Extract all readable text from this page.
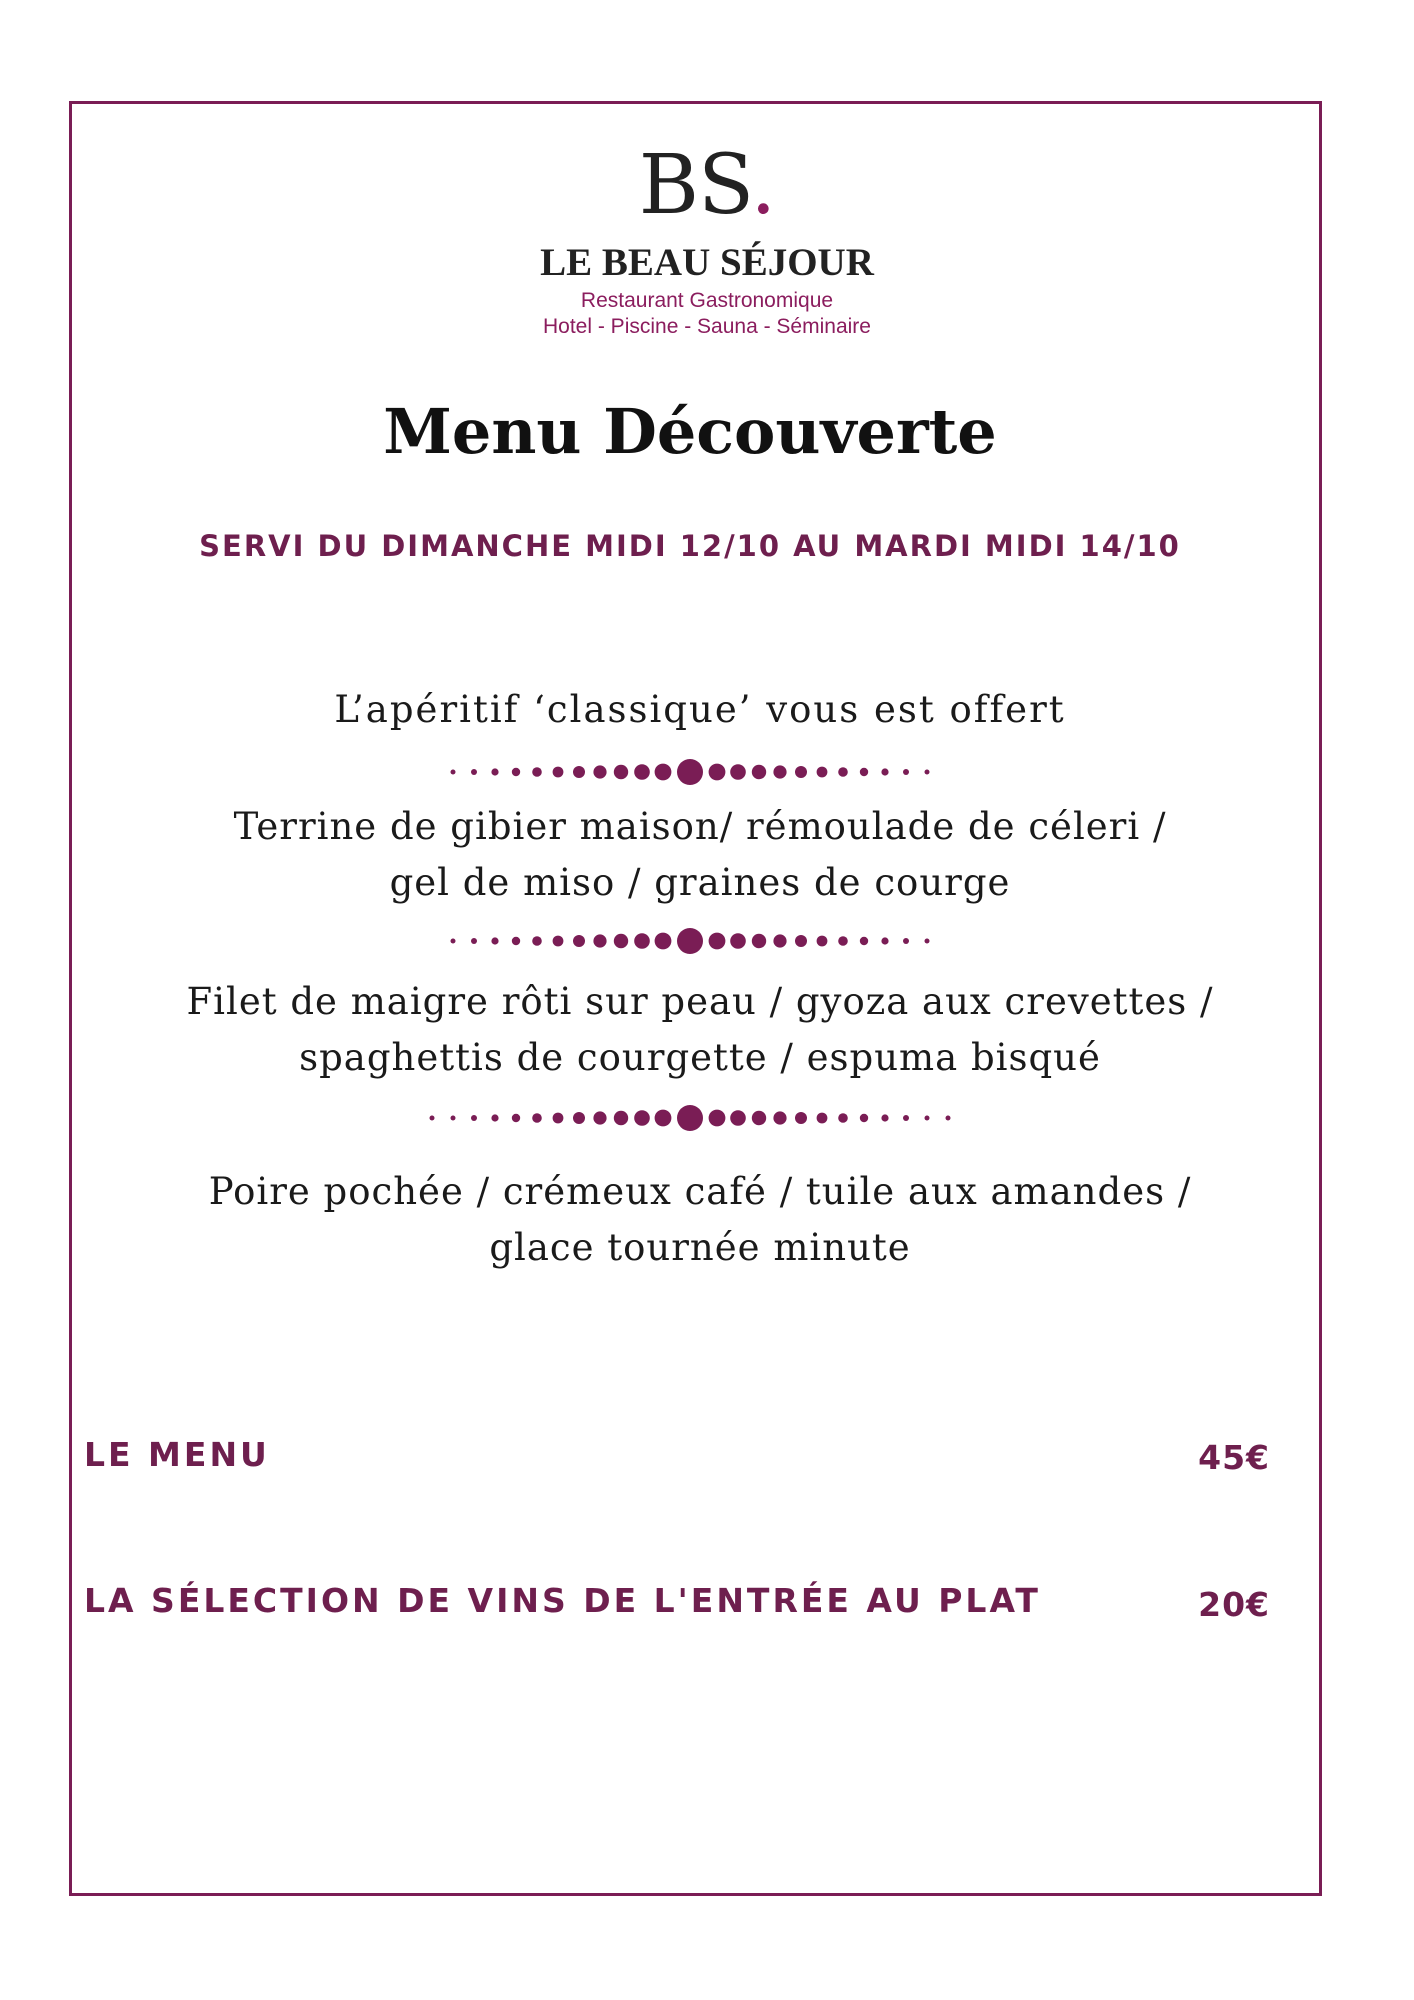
BS.
LE BEAU SÉJOUR
Restaurant Gastronomique
Hotel - Piscine - Sauna - Séminaire
Menu Découverte
SERVI DU DIMANCHE MIDI 12/10 AU MARDI MIDI 14/10
L’apéritif ‘classique’ vous est offert
Terrine de gibier maison/ rémoulade de céleri /
gel de miso / graines de courge
Filet de maigre rôti sur peau / gyoza aux crevettes /
spaghettis de courgette / espuma bisqué
Poire pochée / crémeux café / tuile aux amandes /
glace tournée minute
LE MENU	45€
LA SÉLECTION DE VINS DE L'ENTRÉE AU PLAT	20€
